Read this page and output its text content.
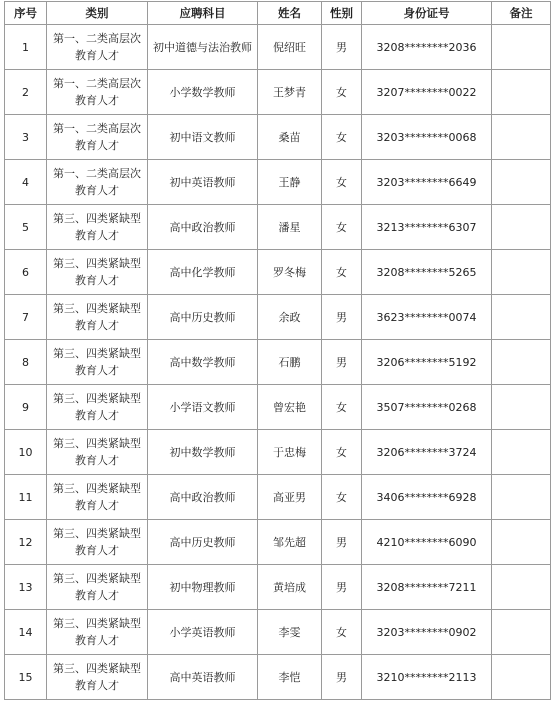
序号	类别	应聘科目	姓名	性别	身份证号	备注
1	第一、二类高层次教育人才	初中道德与法治教师	倪绍旺	男	3208********2036	
2	第一、二类高层次教育人才	小学数学教师	王梦青	女	3207********0022	
3	第一、二类高层次教育人才	初中语文教师	桑苗	女	3203********0068	
4	第一、二类高层次教育人才	初中英语教师	王静	女	3203********6649	
5	第三、四类紧缺型教育人才	高中政治教师	潘星	女	3213********6307	
6	第三、四类紧缺型教育人才	高中化学教师	罗冬梅	女	3208********5265	
7	第三、四类紧缺型教育人才	高中历史教师	余政	男	3623********0074	
8	第三、四类紧缺型教育人才	高中数学教师	石鹏	男	3206********5192	
9	第三、四类紧缺型教育人才	小学语文教师	曾宏艳	女	3507********0268	
10	第三、四类紧缺型教育人才	初中数学教师	于忠梅	女	3206********3724	
11	第三、四类紧缺型教育人才	高中政治教师	高亚男	女	3406********6928	
12	第三、四类紧缺型教育人才	高中历史教师	邹先超	男	4210********6090	
13	第三、四类紧缺型教育人才	初中物理教师	黄培成	男	3208********7211	
14	第三、四类紧缺型教育人才	小学英语教师	李雯	女	3203********0902	
15	第三、四类紧缺型教育人才	高中英语教师	李恺	男	3210********2113	
